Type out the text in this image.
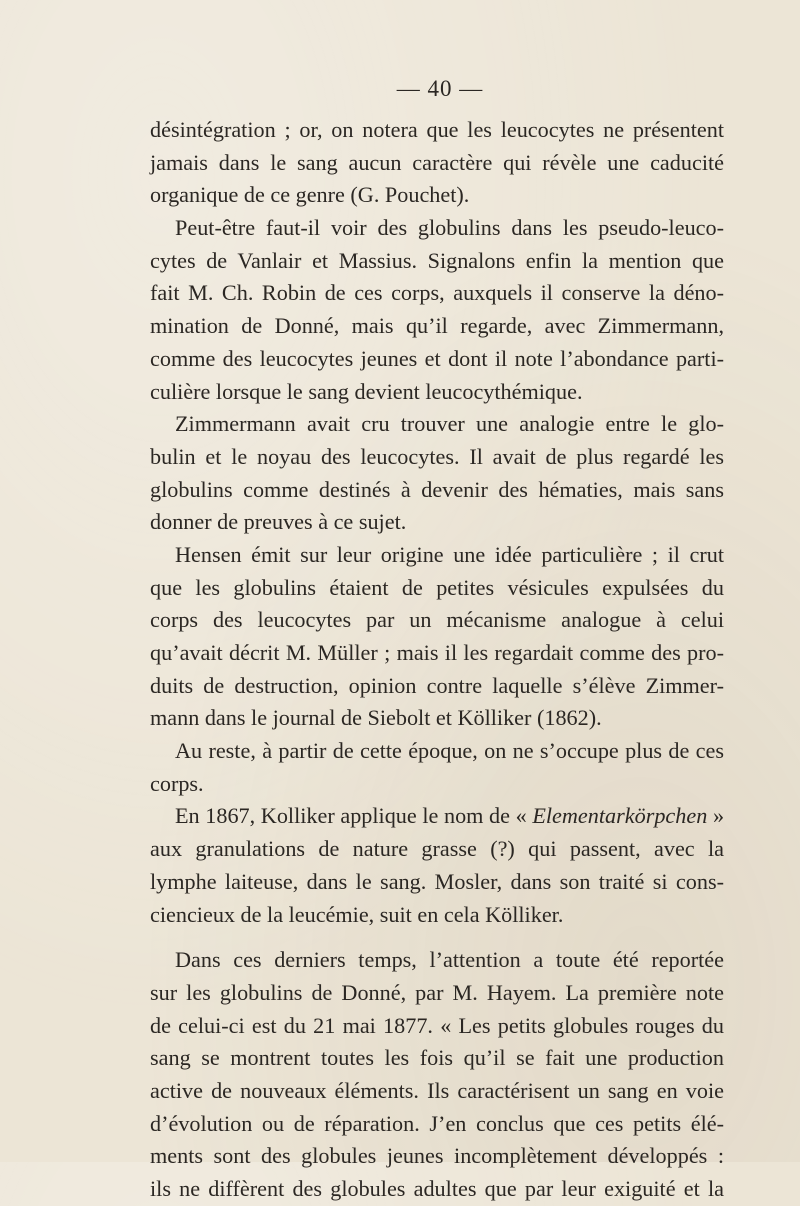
— 40 —
désintégration ; or, on notera que les leucocytes ne présentent
jamais dans le sang aucun caractère qui révèle une caducité
organique de ce genre (G. Pouchet).
Peut-être faut-il voir des globulins dans les pseudo-leuco-
cytes de Vanlair et Massius. Signalons enfin la mention que
fait M. Ch. Robin de ces corps, auxquels il conserve la déno-
mination de Donné, mais qu’il regarde, avec Zimmermann,
comme des leucocytes jeunes et dont il note l’abondance parti-
culière lorsque le sang devient leucocythémique.
Zimmermann avait cru trouver une analogie entre le glo-
bulin et le noyau des leucocytes. Il avait de plus regardé les
globulins comme destinés à devenir des hématies, mais sans
donner de preuves à ce sujet.
Hensen émit sur leur origine une idée particulière ; il crut
que les globulins étaient de petites vésicules expulsées du
corps des leucocytes par un mécanisme analogue à celui
qu’avait décrit M. Müller ; mais il les regardait comme des pro-
duits de destruction, opinion contre laquelle s’élève Zimmer-
mann dans le journal de Siebolt et Kölliker (1862).
Au reste, à partir de cette époque, on ne s’occupe plus de ces
corps.
En 1867, Kolliker applique le nom de « Elementarkörpchen »
aux granulations de nature grasse (?) qui passent, avec la
lymphe laiteuse, dans le sang. Mosler, dans son traité si cons-
ciencieux de la leucémie, suit en cela Kölliker.
Dans ces derniers temps, l’attention a toute été reportée
sur les globulins de Donné, par M. Hayem. La première note
de celui-ci est du 21 mai 1877. « Les petits globules rouges du
sang se montrent toutes les fois qu’il se fait une production
active de nouveaux éléments. Ils caractérisent un sang en voie
d’évolution ou de réparation. J’en conclus que ces petits élé-
ments sont des globules jeunes incomplètement développés :
ils ne diffèrent des globules adultes que par leur exiguité et la
